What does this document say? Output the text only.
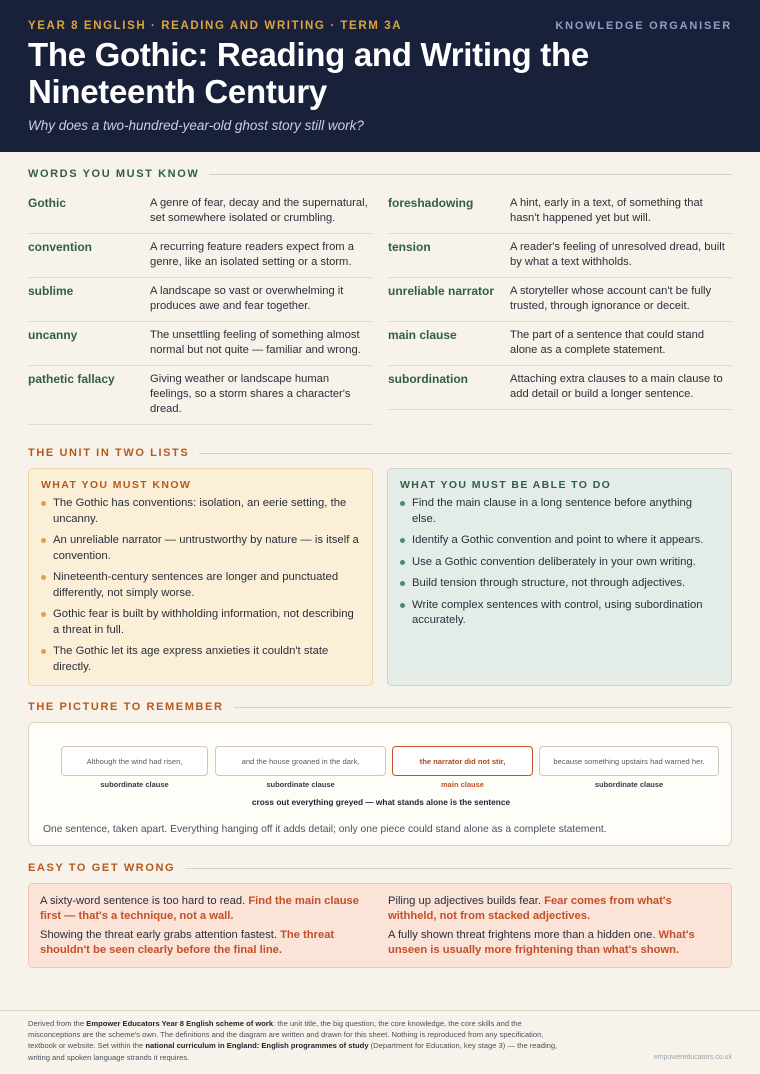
YEAR 8 ENGLISH · READING AND WRITING · TERM 3A	KNOWLEDGE ORGANISER
The Gothic: Reading and Writing the Nineteenth Century
Why does a two-hundred-year-old ghost story still work?
WORDS YOU MUST KNOW
Gothic	A genre of fear, decay and the supernatural, set somewhere isolated or crumbling.
convention	A recurring feature readers expect from a genre, like an isolated setting or a storm.
sublime	A landscape so vast or overwhelming it produces awe and fear together.
uncanny	The unsettling feeling of something almost normal but not quite — familiar and wrong.
pathetic fallacy	Giving weather or landscape human feelings, so a storm shares a character's dread.
foreshadowing	A hint, early in a text, of something that hasn't happened yet but will.
tension	A reader's feeling of unresolved dread, built by what a text withholds.
unreliable narrator	A storyteller whose account can't be fully trusted, through ignorance or deceit.
main clause	The part of a sentence that could stand alone as a complete statement.
subordination	Attaching extra clauses to a main clause to add detail or build a longer sentence.
THE UNIT IN TWO LISTS
WHAT YOU MUST KNOW
The Gothic has conventions: isolation, an eerie setting, the uncanny.
An unreliable narrator — untrustworthy by nature — is itself a convention.
Nineteenth-century sentences are longer and punctuated differently, not simply worse.
Gothic fear is built by withholding information, not describing a threat in full.
The Gothic let its age express anxieties it couldn't state directly.
WHAT YOU MUST BE ABLE TO DO
Find the main clause in a long sentence before anything else.
Identify a Gothic convention and point to where it appears.
Use a Gothic convention deliberately in your own writing.
Build tension through structure, not through adjectives.
Write complex sentences with control, using subordination accurately.
THE PICTURE TO REMEMBER
Although the wind had risen,	and the house groaned in the dark,	the narrator did not stir,	because something upstairs had warned her.
subordinate clause	subordinate clause	main clause	subordinate clause
cross out everything greyed — what stands alone is the sentence
One sentence, taken apart. Everything hanging off it adds detail; only one piece could stand alone as a complete statement.
EASY TO GET WRONG
A sixty-word sentence is too hard to read. Find the main clause first — that's a technique, not a wall.
Piling up adjectives builds fear. Fear comes from what's withheld, not from stacked adjectives.
Showing the threat early grabs attention fastest. The threat shouldn't be seen clearly before the final line.
A fully shown threat frightens more than a hidden one. What's unseen is usually more frightening than what's shown.
Derived from the Empower Educators Year 8 English scheme of work: the unit title, the big question, the core knowledge, the core skills and the misconceptions are the scheme's own. The definitions and the diagram are written and drawn for this sheet. Nothing is reproduced from any specification, textbook or website. Set within the national curriculum in England: English programmes of study (Department for Education, key stage 3) — the reading, writing and spoken language strands it requires.	empowereducators.co.uk
